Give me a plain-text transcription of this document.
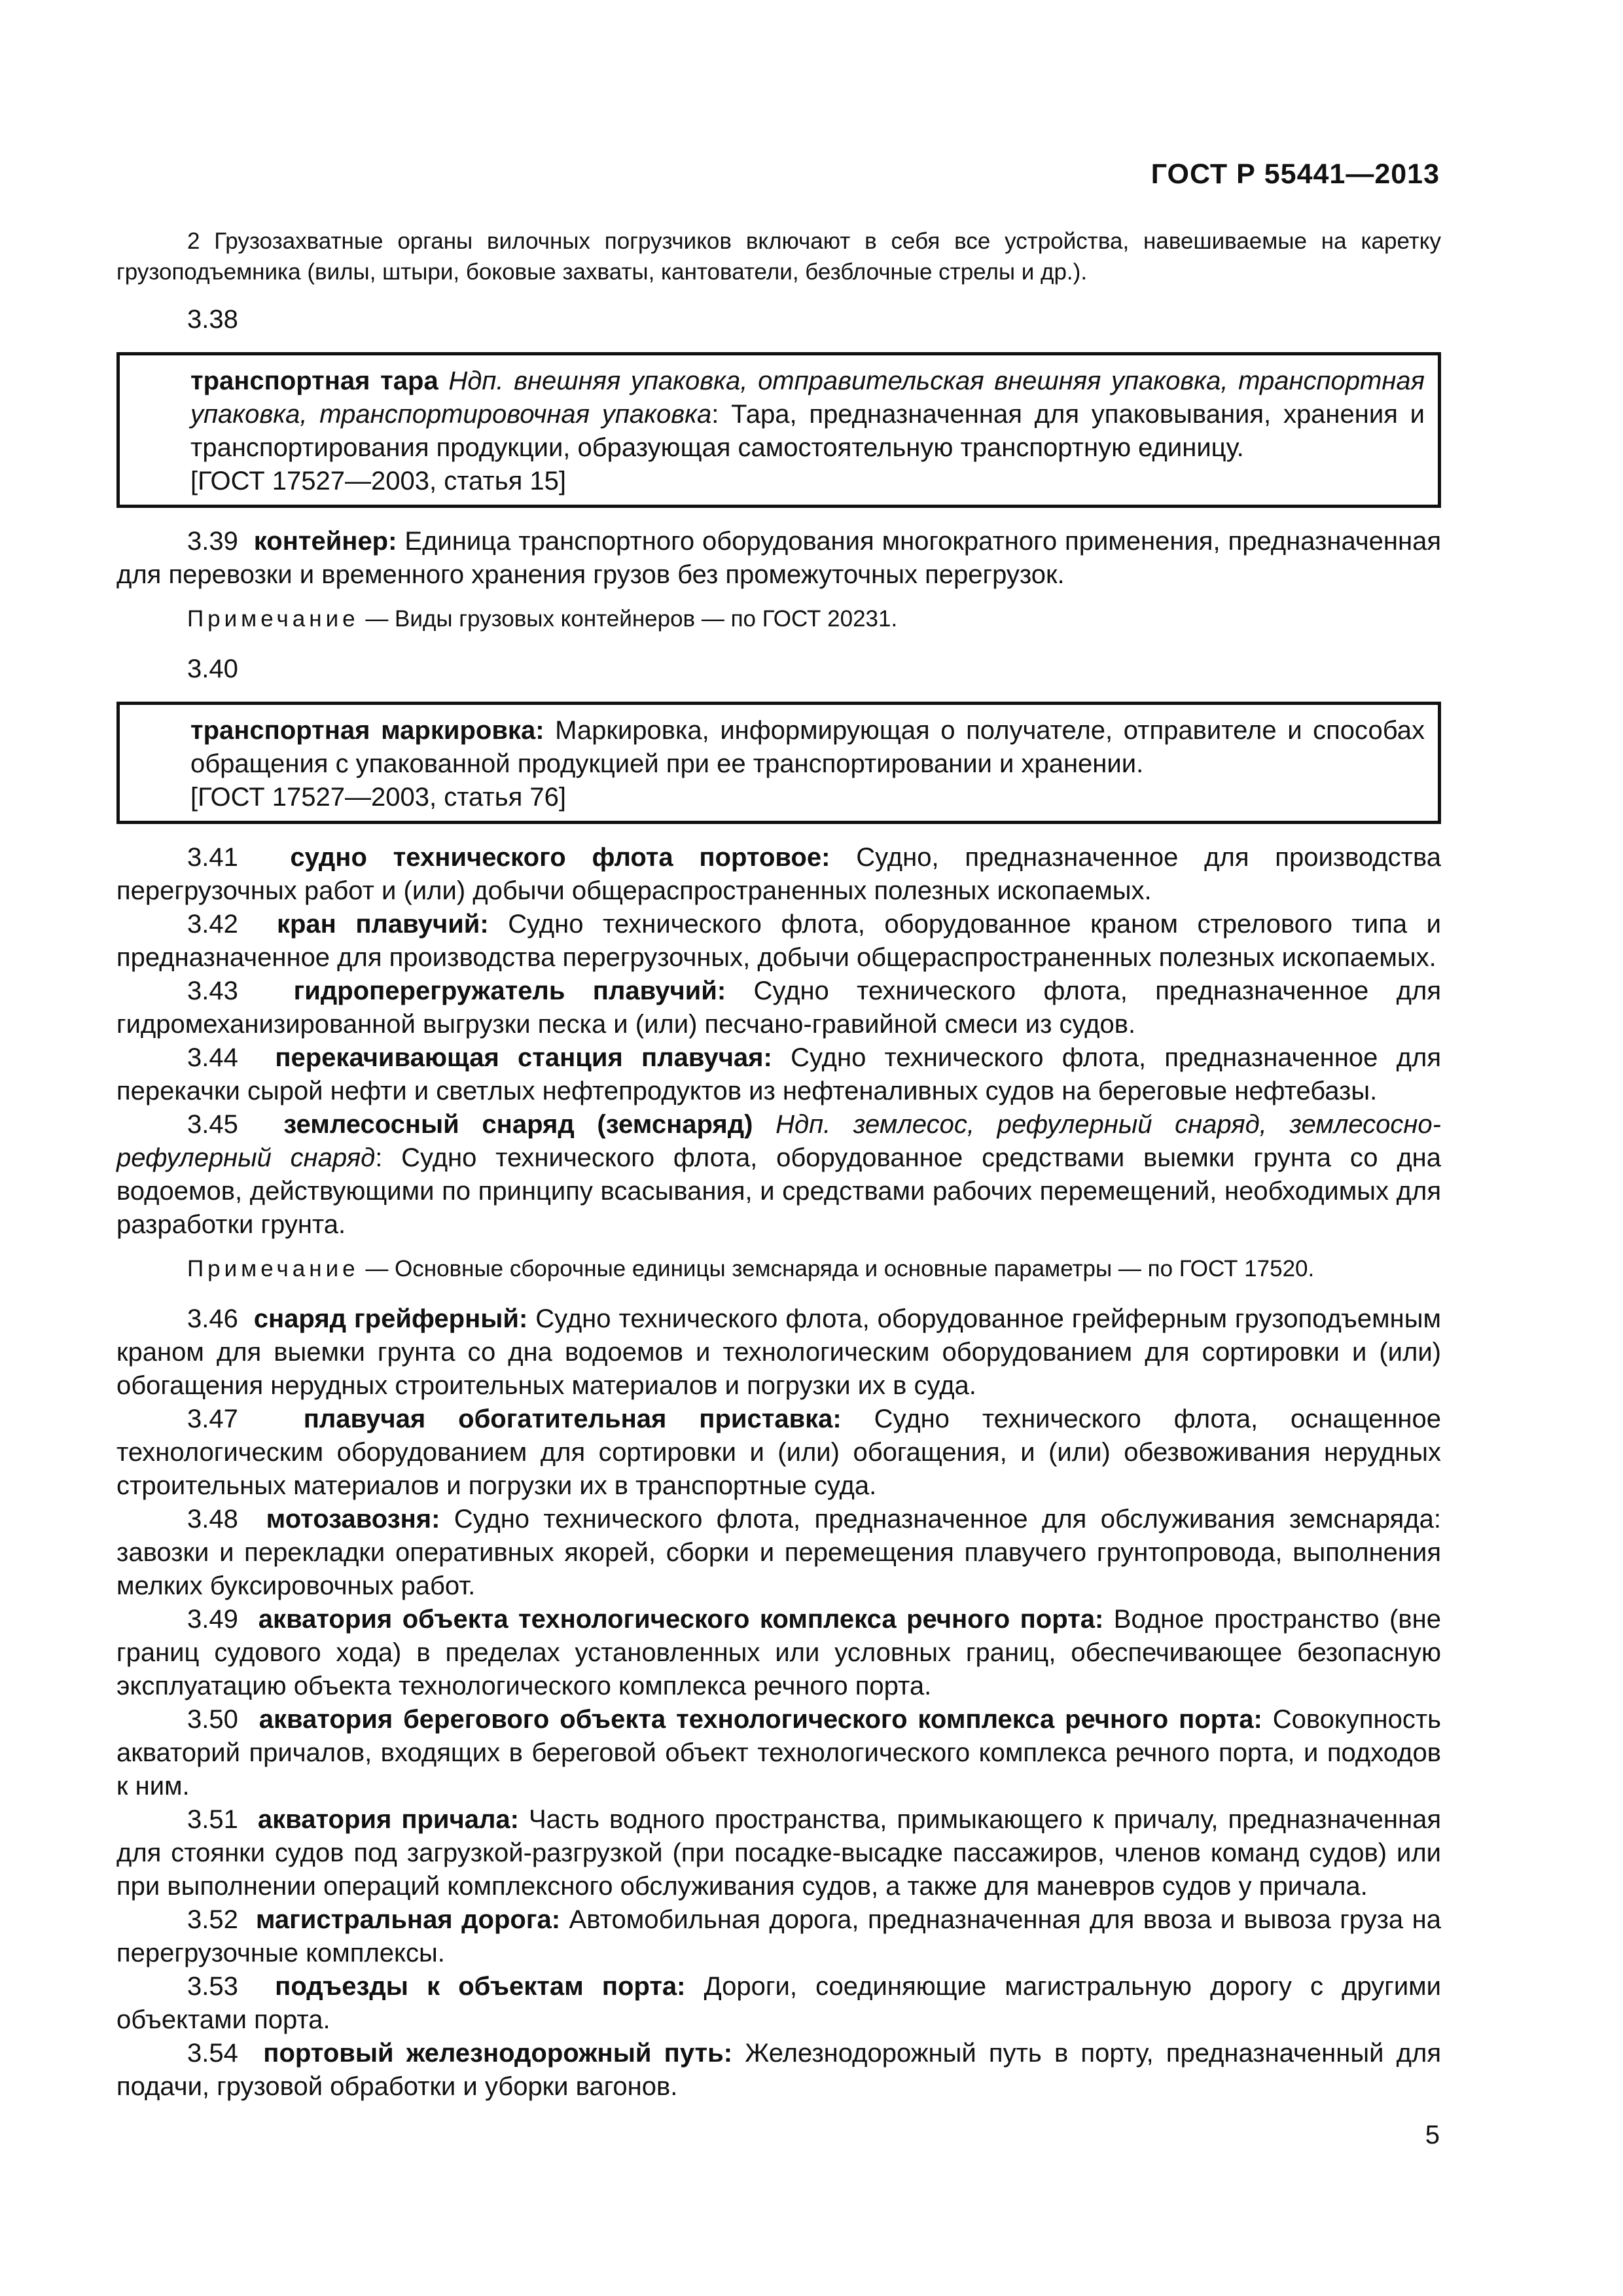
ГОСТ Р 55441—2013

2 Грузозахватные органы вилочных погрузчиков включают в себя все устройства, навешиваемые на каретку грузоподъемника (вилы, штыри, боковые захваты, кантователи, безблочные стрелы и др.).

3.38

транспортная тара Ндп. внешняя упаковка, отправительская внешняя упаковка, транспортная упаковка, транспортировочная упаковка: Тара, предназначенная для упаковывания, хранения и транспортирования продукции, образующая самостоятельную транспортную единицу.

[ГОСТ 17527—2003, статья 15]

3.39 контейнер: Единица транспортного оборудования многократного применения, предназначенная для перевозки и временного хранения грузов без промежуточных перегрузок.

Примечание — Виды грузовых контейнеров — по ГОСТ 20231.

3.40

транспортная маркировка: Маркировка, информирующая о получателе, отправителе и способах обращения с упакованной продукцией при ее транспортировании и хранении.

[ГОСТ 17527—2003, статья 76]

3.41 судно технического флота портовое: Судно, предназначенное для производства перегрузочных работ и (или) добычи общераспространенных полезных ископаемых.

3.42 кран плавучий: Судно технического флота, оборудованное краном стрелового типа и предназначенное для производства перегрузочных, добычи общераспространенных полезных ископаемых.

3.43 гидроперегружатель плавучий: Судно технического флота, предназначенное для гидромеханизированной выгрузки песка и (или) песчано-гравийной смеси из судов.

3.44 перекачивающая станция плавучая: Судно технического флота, предназначенное для перекачки сырой нефти и светлых нефтепродуктов из нефтеналивных судов на береговые нефтебазы.

3.45 землесосный снаряд (земснаряд) Ндп. землесос, рефулерный снаряд, землесосно-рефулерный снаряд: Судно технического флота, оборудованное средствами выемки грунта со дна водоемов, действующими по принципу всасывания, и средствами рабочих перемещений, необходимых для разработки грунта.

Примечание — Основные сборочные единицы земснаряда и основные параметры — по ГОСТ 17520.

3.46 снаряд грейферный: Судно технического флота, оборудованное грейферным грузоподъемным краном для выемки грунта со дна водоемов и технологическим оборудованием для сортировки и (или) обогащения нерудных строительных материалов и погрузки их в суда.

3.47 плавучая обогатительная приставка: Судно технического флота, оснащенное технологическим оборудованием для сортировки и (или) обогащения, и (или) обезвоживания нерудных строительных материалов и погрузки их в транспортные суда.

3.48 мотозавозня: Судно технического флота, предназначенное для обслуживания земснаряда: завозки и перекладки оперативных якорей, сборки и перемещения плавучего грунтопровода, выполнения мелких буксировочных работ.

3.49 акватория объекта технологического комплекса речного порта: Водное пространство (вне границ судового хода) в пределах установленных или условных границ, обеспечивающее безопасную эксплуатацию объекта технологического комплекса речного порта.

3.50 акватория берегового объекта технологического комплекса речного порта: Совокупность акваторий причалов, входящих в береговой объект технологического комплекса речного порта, и подходов к ним.

3.51 акватория причала: Часть водного пространства, примыкающего к причалу, предназначенная для стоянки судов под загрузкой-разгрузкой (при посадке-высадке пассажиров, членов команд судов) или при выполнении операций комплексного обслуживания судов, а также для маневров судов у причала.

3.52 магистральная дорога: Автомобильная дорога, предназначенная для ввоза и вывоза груза на перегрузочные комплексы.

3.53 подъезды к объектам порта: Дороги, соединяющие магистральную дорогу с другими объектами порта.

3.54 портовый железнодорожный путь: Железнодорожный путь в порту, предназначенный для подачи, грузовой обработки и уборки вагонов.

5
